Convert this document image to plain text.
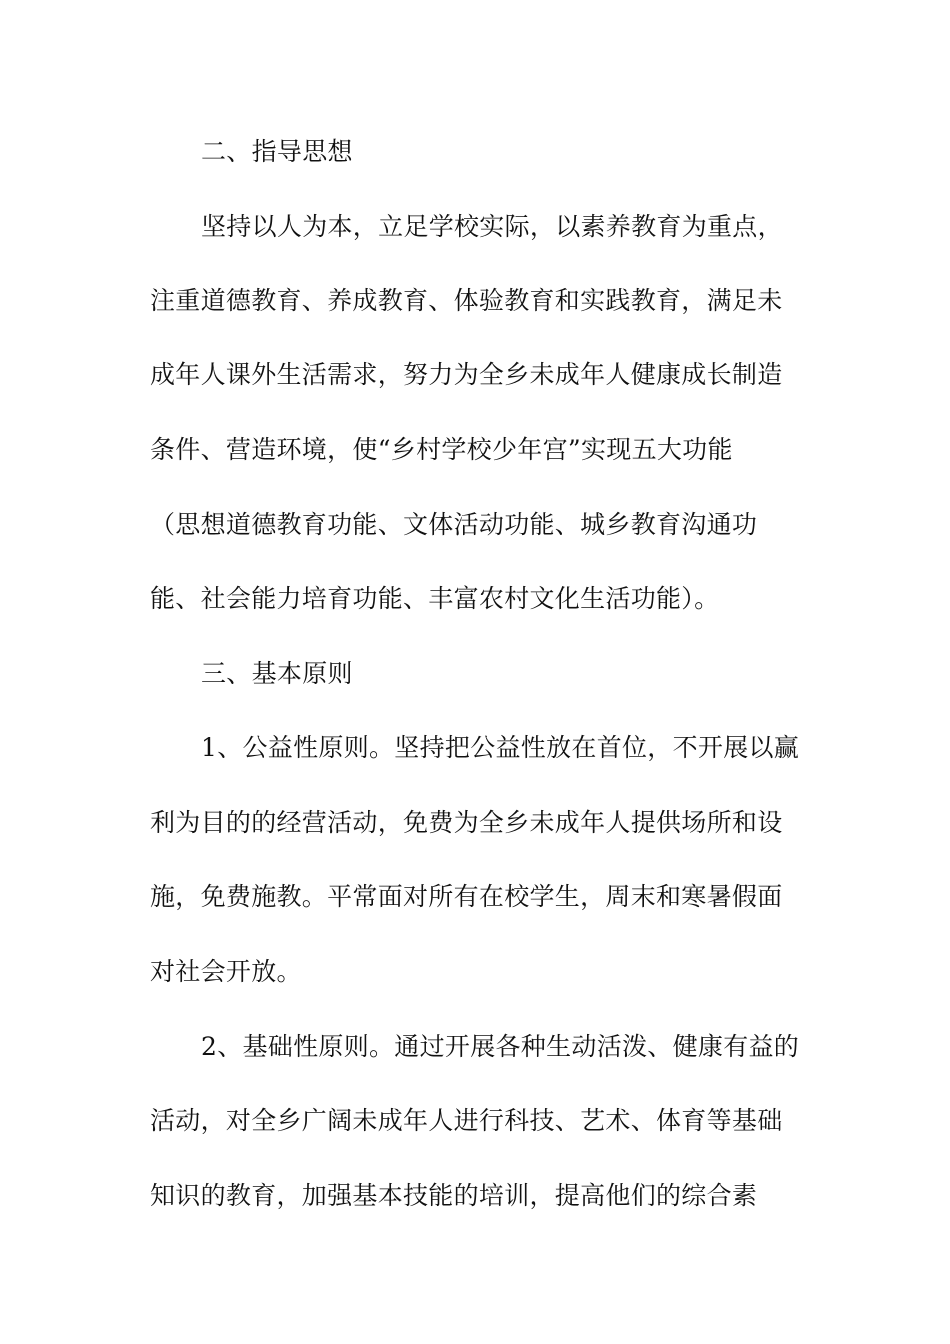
二、指导思想
坚持以人为本，立足学校实际，以素养教育为重点，
注重道德教育、养成教育、体验教育和实践教育，满足未
成年人课外生活需求，努力为全乡未成年人健康成长制造
条件、营造环境，使“乡村学校少年宫”实现五大功能
（思想道德教育功能、文体活动功能、城乡教育沟通功
能、社会能力培育功能、丰富农村文化生活功能）。
三、基本原则
1、公益性原则。坚持把公益性放在首位，不开展以赢
利为目的的经营活动，免费为全乡未成年人提供场所和设
施，免费施教。平常面对所有在校学生，周末和寒暑假面
对社会开放。
2、基础性原则。通过开展各种生动活泼、健康有益的
活动，对全乡广阔未成年人进行科技、艺术、体育等基础
知识的教育，加强基本技能的培训，提高他们的综合素
